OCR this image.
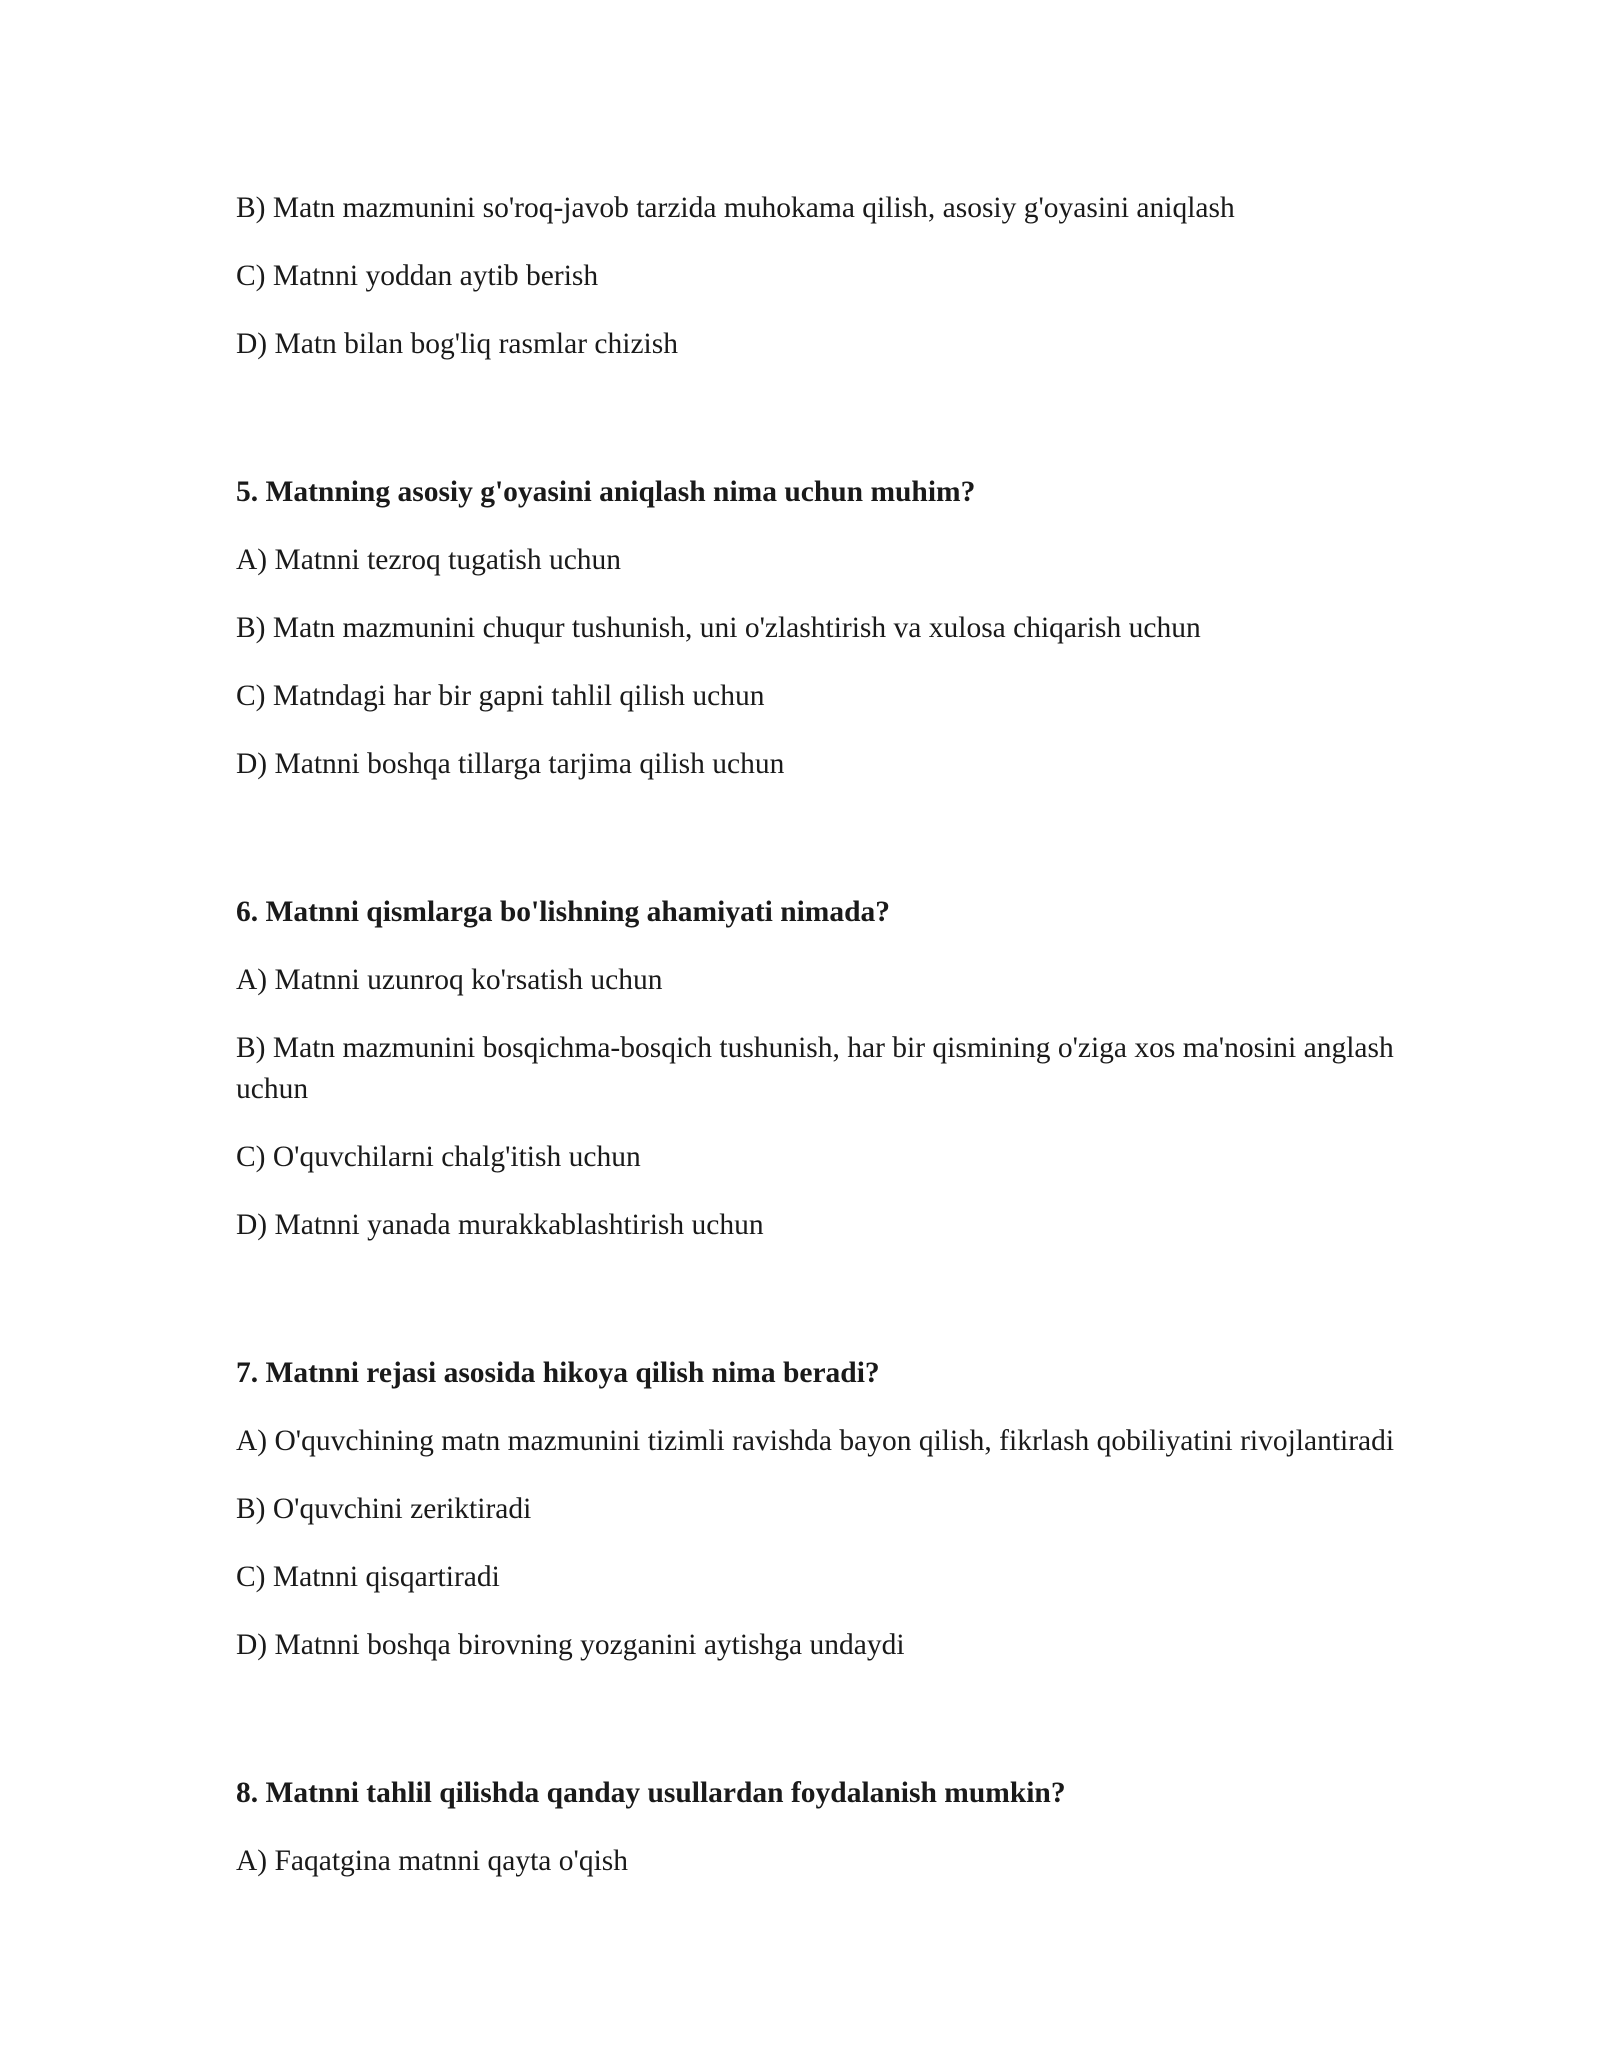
B) Matn mazmunini so'roq-javob tarzida muhokama qilish, asosiy g'oyasini aniqlash

C) Matnni yoddan aytib berish

D) Matn bilan bog'liq rasmlar chizish

5. Matnning asosiy g'oyasini aniqlash nima uchun muhim?

A) Matnni tezroq tugatish uchun

B) Matn mazmunini chuqur tushunish, uni o'zlashtirish va xulosa chiqarish uchun

C) Matndagi har bir gapni tahlil qilish uchun

D) Matnni boshqa tillarga tarjima qilish uchun

6. Matnni qismlarga bo'lishning ahamiyati nimada?

A) Matnni uzunroq ko'rsatish uchun

B) Matn mazmunini bosqichma-bosqich tushunish, har bir qismining o'ziga xos ma'nosini anglash uchun

C) O'quvchilarni chalg'itish uchun

D) Matnni yanada murakkablashtirish uchun

7. Matnni rejasi asosida hikoya qilish nima beradi?

A) O'quvchining matn mazmunini tizimli ravishda bayon qilish, fikrlash qobiliyatini rivojlantiradi

B) O'quvchini zeriktiradi

C) Matnni qisqartiradi

D) Matnni boshqa birovning yozganini aytishga undaydi

8. Matnni tahlil qilishda qanday usullardan foydalanish mumkin?

A) Faqatgina matnni qayta o'qish
